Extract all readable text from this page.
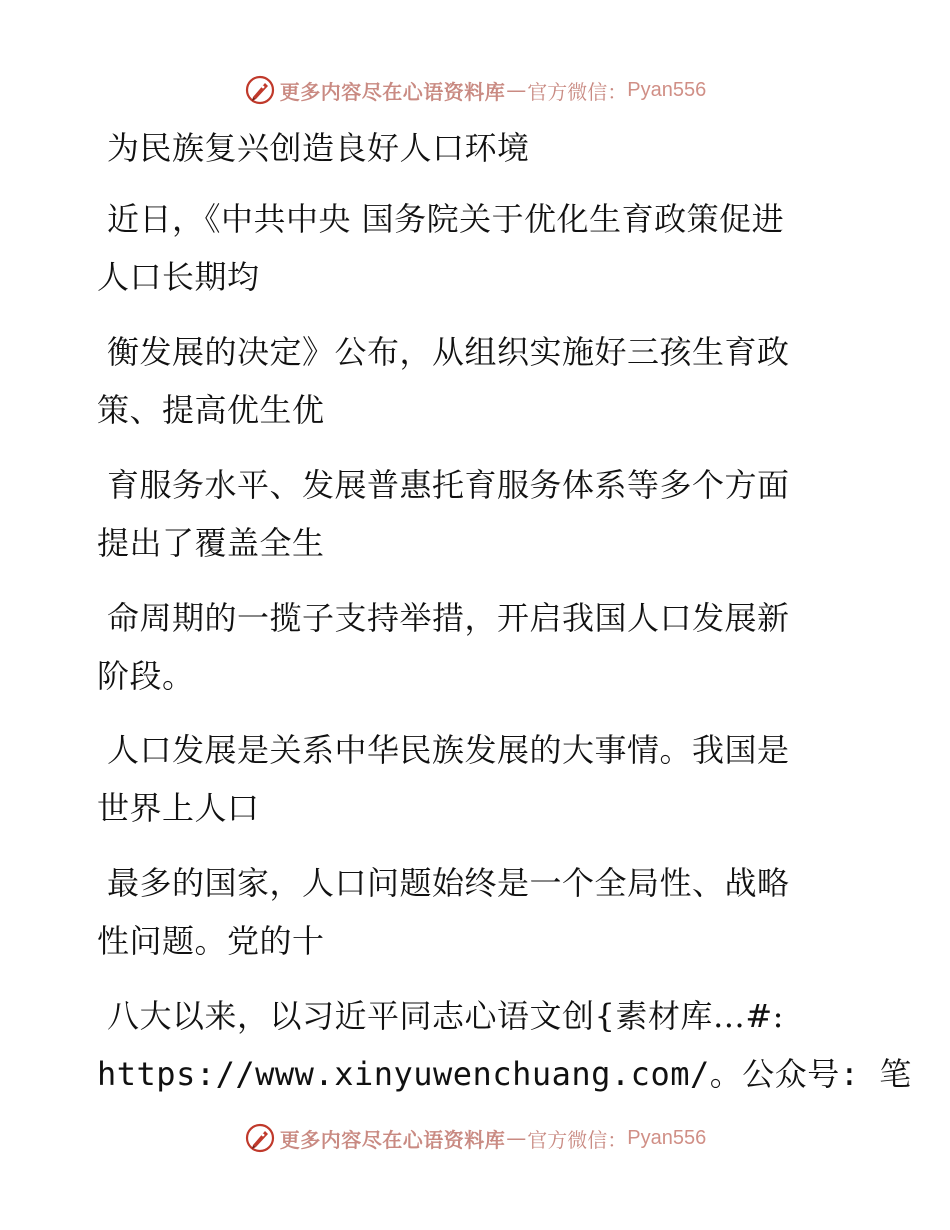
更多内容尽在心语资料库 — 官方微信： Pyan556
为民族复兴创造良好人口环境
近日，《中共中央 国务院关于优化生育政策促进
人口长期均
衡发展的决定》公布，从组织实施好三孩生育政
策、提高优生优
育服务水平、发展普惠托育服务体系等多个方面
提出了覆盖全生
命周期的一揽子支持举措，开启我国人口发展新
阶段。
人口发展是关系中华民族发展的大事情。我国是
世界上人口
最多的国家，人口问题始终是一个全局性、战略
性问题。党的十
八大以来，以习近平同志心语文创{素材库…#:
https://www.xinyuwenchuang.com/。公众号: 笔
更多内容尽在心语资料库 — 官方微信： Pyan556
